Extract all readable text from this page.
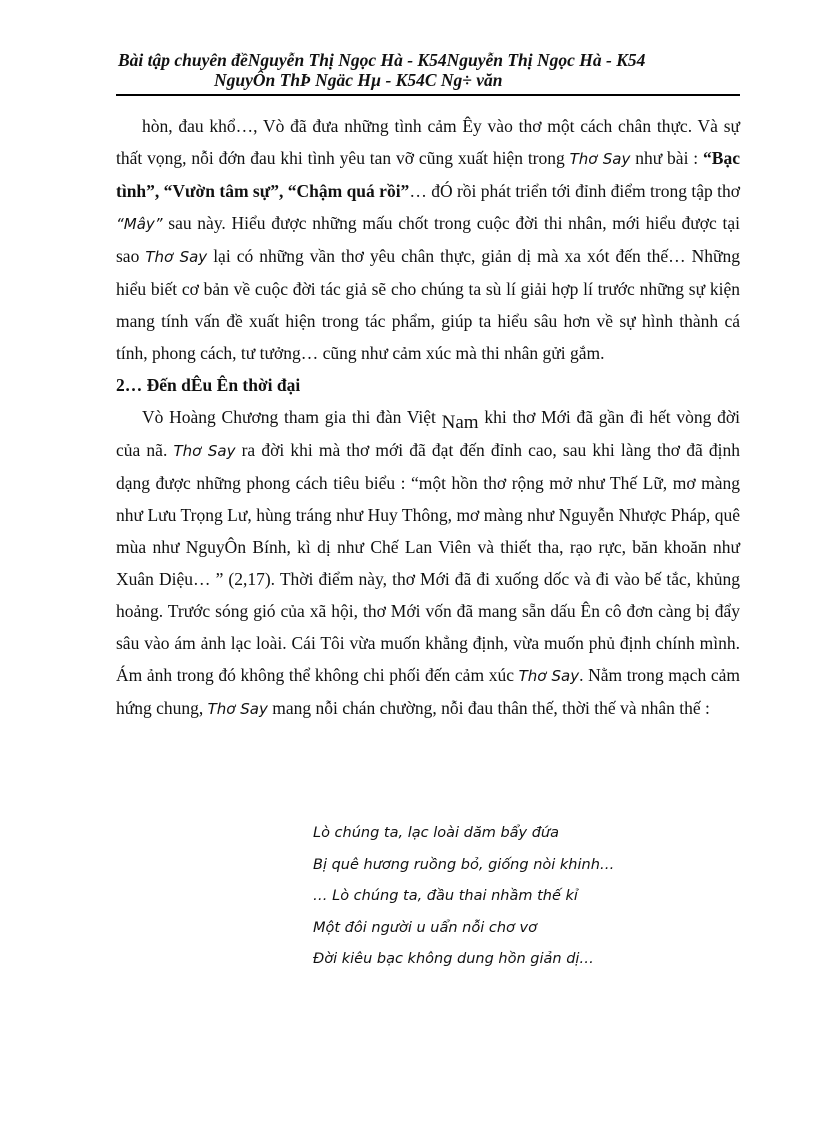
Bài tập chuyên đềNguyễn Thị Ngọc Hà - K54Nguyễn Thị Ngọc Hà - K54
NguyÔn ThÞ Ngäc Hµ - K54C Ng÷ văn

hòn, đau khổ…, Vò đã đưa những tình cảm Êy vào thơ một cách chân thực. Và sự thất vọng, nỗi đớn đau khi tình yêu tan vỡ cũng xuất hiện trong Thơ Say như bài : “Bạc tình”, “Vườn tâm sự”, “Chậm quá rồi”… đÓ rồi phát triển tới đỉnh điểm trong tập thơ “Mây” sau này. Hiểu được những mấu chốt trong cuộc đời thi nhân, mới hiểu được tại sao Thơ Say lại có những vần thơ yêu chân thực, giản dị mà xa xót đến thế… Những hiểu biết cơ bản về cuộc đời tác giả sẽ cho chúng ta sù lí giải hợp lí trước những sự kiện mang tính vấn đề xuất hiện trong tác phẩm, giúp ta hiểu sâu hơn về sự hình thành cá tính, phong cách, tư tưởng… cũng như cảm xúc mà thi nhân gửi gắm.

2… Đến dÊu Ên thời đại

Vò Hoàng Chương tham gia thi đàn Việt Nam khi thơ Mới đã gần đi hết vòng đời của nã. Thơ Say ra đời khi mà thơ mới đã đạt đến đỉnh cao, sau khi làng thơ đã định dạng được những phong cách tiêu biểu : “một hồn thơ rộng mở như Thế Lữ, mơ màng như Lưu Trọng Lư, hùng tráng như Huy Thông, mơ màng như Nguyễn Nhược Pháp, quê mùa như NguyÔn Bính, kì dị như Chế Lan Viên và thiết tha, rạo rực, băn khoăn như Xuân Diệu… ” (2,17). Thời điểm này, thơ Mới đã đi xuống dốc và đi vào bế tắc, khủng hoảng. Trước sóng gió của xã hội, thơ Mới vốn đã mang sẵn dấu Ên cô đơn càng bị đẩy sâu vào ám ảnh lạc loài. Cái Tôi vừa muốn khẳng định, vừa muốn phủ định chính mình. Ám ảnh trong đó không thể không chi phối đến cảm xúc Thơ Say. Nằm trong mạch cảm hứng chung, Thơ Say mang nỗi chán chường, nỗi đau thân thế, thời thế và nhân thế :

Lò chúng ta, lạc loài dăm bẩy đứa
Bị quê hương ruồng bỏ, giống nòi khinh…
… Lò chúng ta, đầu thai nhầm thế kỉ
Một đôi người u uẩn nỗi chơ vơ
Đời kiêu bạc không dung hồn giản dị…
